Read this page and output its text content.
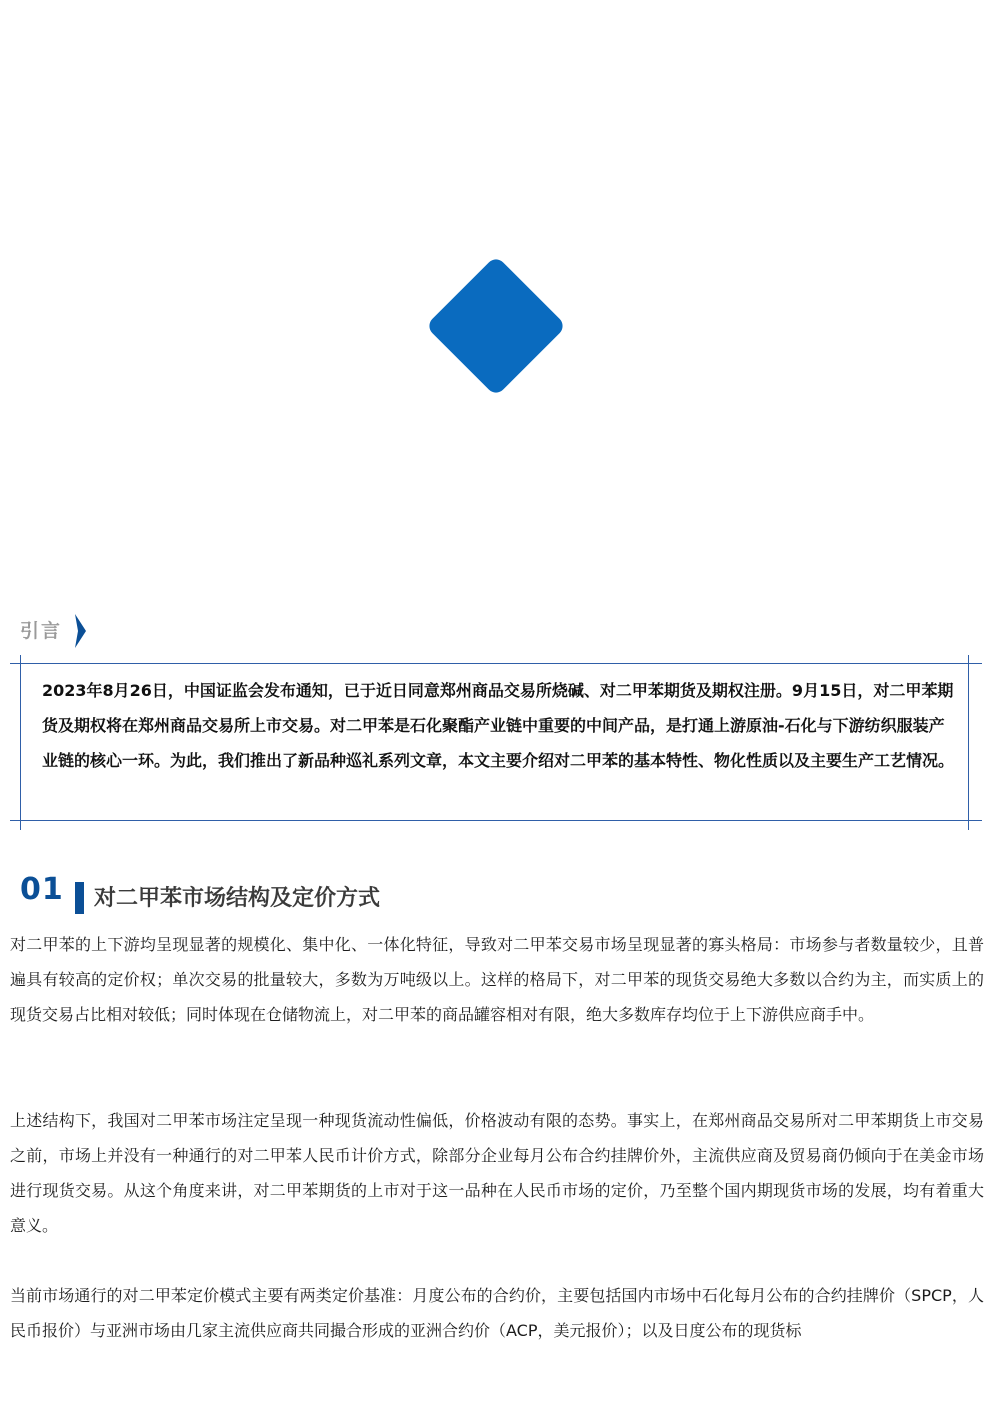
引言
2023年8月26日，中国证监会发布通知，已于近日同意郑州商品交易所烧碱、对二甲苯期货及期权注册。9月15日，对二甲苯期货及期权将在郑州商品交易所上市交易。对二甲苯是石化聚酯产业链中重要的中间产品，是打通上游原油-石化与下游纺织服装产业链的核心一环。为此，我们推出了新品种巡礼系列文章，本文主要介绍对二甲苯的基本特性、物化性质以及主要生产工艺情况。
01 对二甲苯市场结构及定价方式
对二甲苯的上下游均呈现显著的规模化、集中化、一体化特征，导致对二甲苯交易市场呈现显著的寡头格局：市场参与者数量较少，且普遍具有较高的定价权；单次交易的批量较大，多数为万吨级以上。这样的格局下，对二甲苯的现货交易绝大多数以合约为主，而实质上的现货交易占比相对较低；同时体现在仓储物流上，对二甲苯的商品罐容相对有限，绝大多数库存均位于上下游供应商手中。
上述结构下，我国对二甲苯市场注定呈现一种现货流动性偏低，价格波动有限的态势。事实上，在郑州商品交易所对二甲苯期货上市交易之前，市场上并没有一种通行的对二甲苯人民币计价方式，除部分企业每月公布合约挂牌价外，主流供应商及贸易商仍倾向于在美金市场进行现货交易。从这个角度来讲，对二甲苯期货的上市对于这一品种在人民币市场的定价，乃至整个国内期现货市场的发展，均有着重大意义。
当前市场通行的对二甲苯定价模式主要有两类定价基准：月度公布的合约价，主要包括国内市场中石化每月公布的合约挂牌价（SPCP，人民币报价）与亚洲市场由几家主流供应商共同撮合形成的亚洲合约价（ACP，美元报价）；以及日度公布的现货标
